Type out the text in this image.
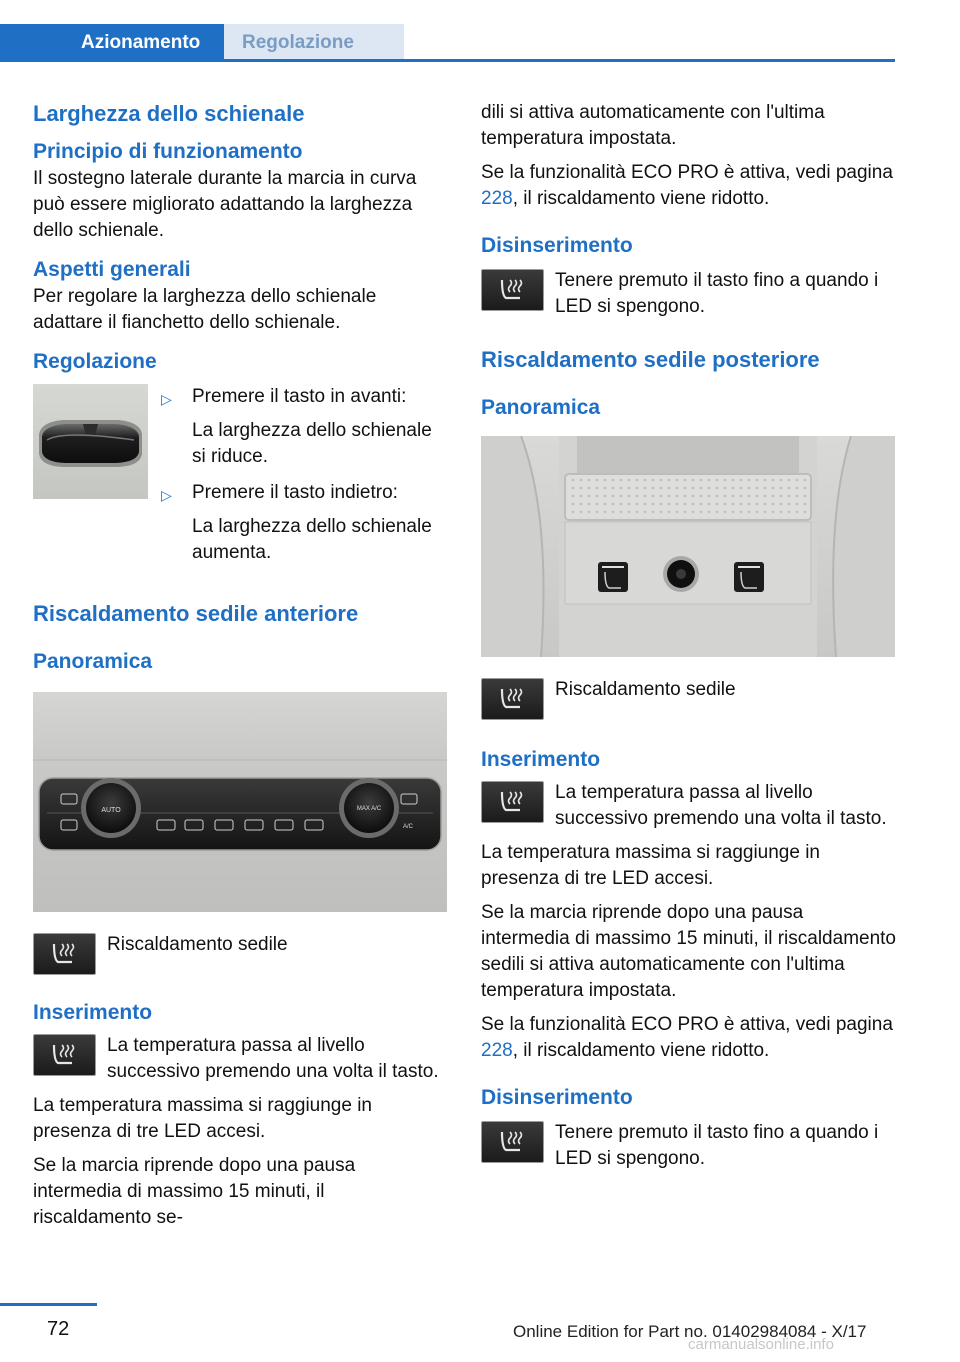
Azionamento	Regolazione
Larghezza dello schienale
Principio di funzionamento

Il sostegno laterale durante la marcia in curva può essere migliorato adattando la larghezza dello schienale.

Aspetti generali

Per regolare la larghezza dello schienale adattare il fianchetto dello schienale.

Regolazione
▷ Premere il tasto in avanti:
La larghezza dello schienale si riduce.
▷ Premere il tasto indietro:
La larghezza dello schienale aumenta.
Riscaldamento sedile anteriore
Panoramica
AUTO	MAX A/C
A/C

Riscaldamento sedile

Inserimento

La temperatura passa al livello successivo premendo una volta il tasto.

La temperatura massima si raggiunge in presenza di tre LED accesi.

Se la marcia riprende dopo una pausa intermedia di massimo 15 minuti, il riscaldamento se-

dili si attiva automaticamente con l'ultima temperatura impostata.

Se la funzionalità ECO PRO è attiva, vedi pagina 228, il riscaldamento viene ridotto.

Disinserimento

Tenere premuto il tasto fino a quando i LED si spengono.

Riscaldamento sedile posteriore
Panoramica

Riscaldamento sedile

Inserimento

La temperatura passa al livello successivo premendo una volta il tasto.

La temperatura massima si raggiunge in presenza di tre LED accesi.

Se la marcia riprende dopo una pausa intermedia di massimo 15 minuti, il riscaldamento sedili si attiva automaticamente con l'ultima temperatura impostata.

Se la funzionalità ECO PRO è attiva, vedi pagina 228, il riscaldamento viene ridotto.

Disinserimento

Tenere premuto il tasto fino a quando i LED si spengono.

72	Online Edition for Part no. 01402984084 - X/17
carmanualsonline.info
